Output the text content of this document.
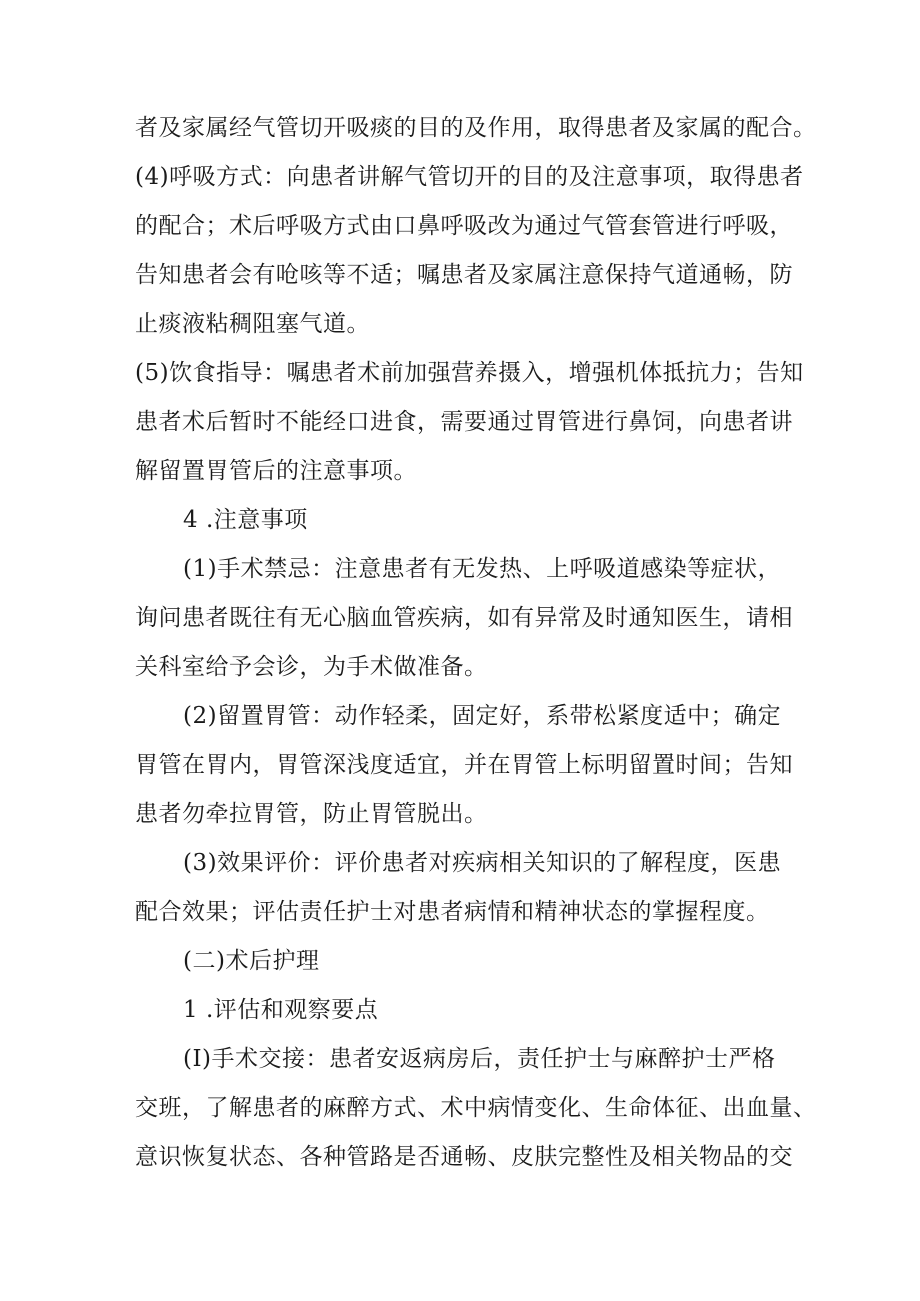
者及家属经气管切开吸痰的目的及作用，取得患者及家属的配合。
(4)呼吸方式：向患者讲解气管切开的目的及注意事项，取得患者
的配合；术后呼吸方式由口鼻呼吸改为通过气管套管进行呼吸，
告知患者会有呛咳等不适；嘱患者及家属注意保持气道通畅，防
止痰液粘稠阻塞气道。
(5)饮食指导：嘱患者术前加强营养摄入，增强机体抵抗力；告知
患者术后暂时不能经口进食，需要通过胃管进行鼻饲，向患者讲
解留置胃管后的注意事项。
4 .注意事项
(1)手术禁忌：注意患者有无发热、上呼吸道感染等症状，
询问患者既往有无心脑血管疾病，如有异常及时通知医生，请相
关科室给予会诊，为手术做准备。
(2)留置胃管：动作轻柔，固定好，系带松紧度适中；确定
胃管在胃内，胃管深浅度适宜，并在胃管上标明留置时间；告知
患者勿牵拉胃管，防止胃管脱出。
(3)效果评价：评价患者对疾病相关知识的了解程度，医患
配合效果；评估责任护士对患者病情和精神状态的掌握程度。
(二)术后护理
1 .评估和观察要点
(I)手术交接：患者安返病房后，责任护士与麻醉护士严格
交班，了解患者的麻醉方式、术中病情变化、生命体征、出血量、
意识恢复状态、各种管路是否通畅、皮肤完整性及相关物品的交
